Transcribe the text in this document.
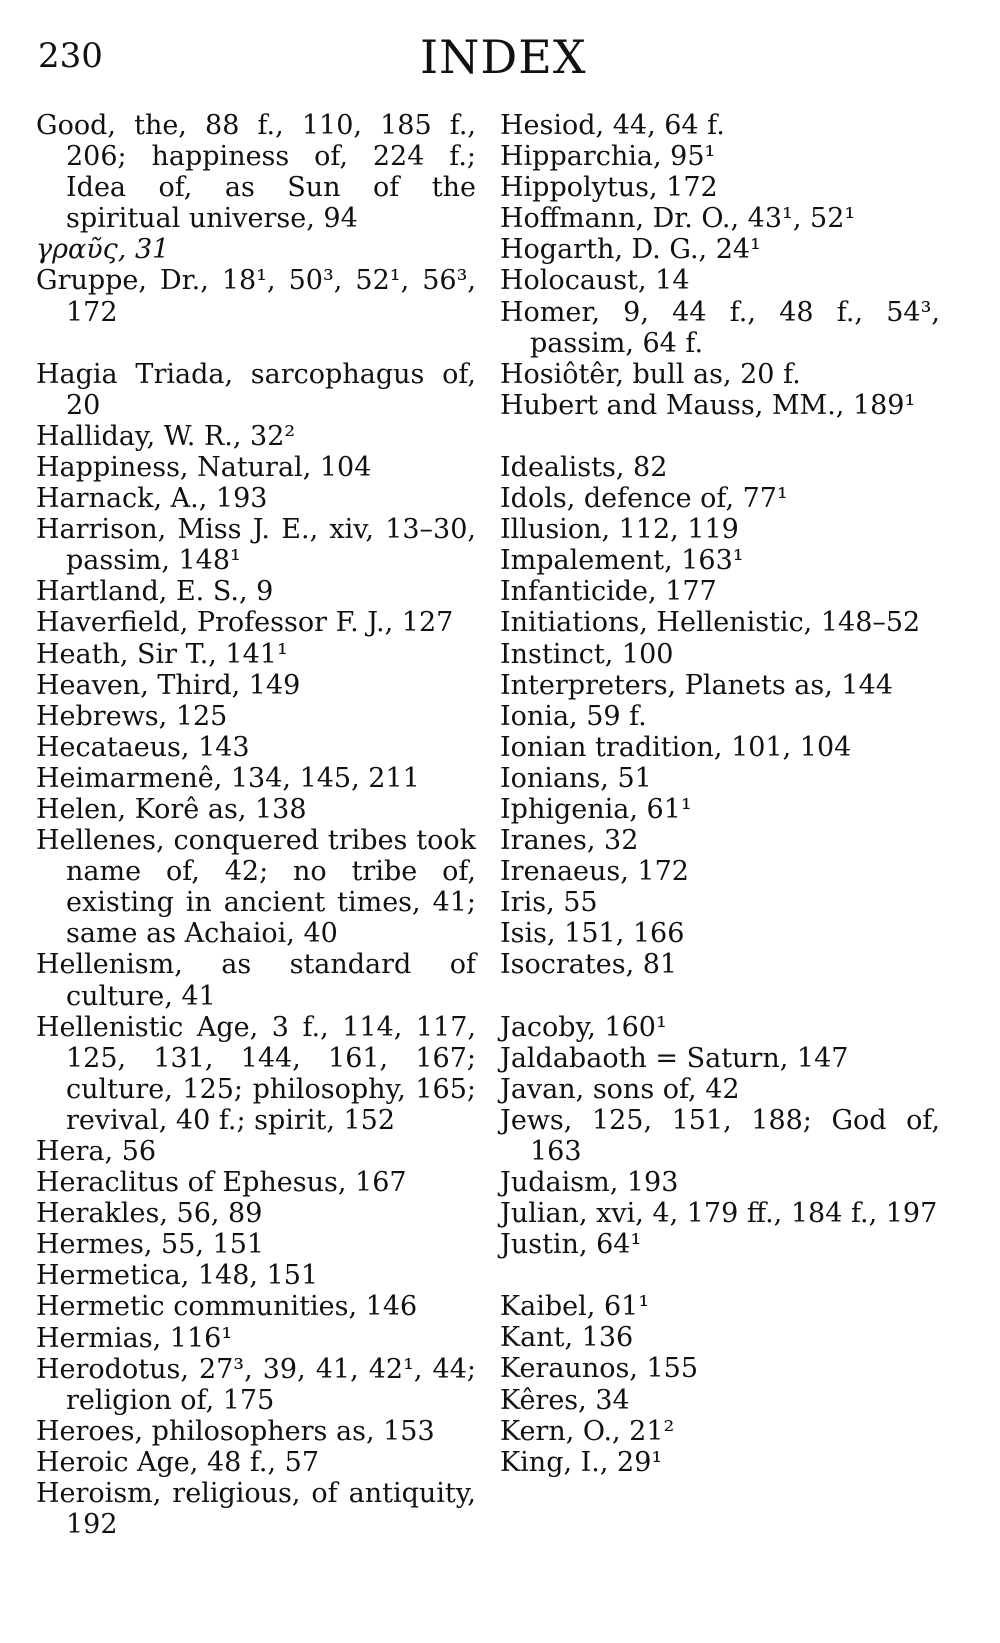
230	INDEX
Good, the, 88 f., 110, 185 f., 206; happiness of, 224 f.; Idea of, as Sun of the spiritual universe, 94
γραῦς, 31
Gruppe, Dr., 18¹, 50³, 52¹, 56³, 172
Hagia Triada, sarcophagus of, 20
Halliday, W. R., 32²
Happiness, Natural, 104
Harnack, A., 193
Harrison, Miss J. E., xiv, 13–30, passim, 148¹
Hartland, E. S., 9
Haverfield, Professor F. J., 127
Heath, Sir T., 141¹
Heaven, Third, 149
Hebrews, 125
Hecataeus, 143
Heimarmenê, 134, 145, 211
Helen, Korê as, 138
Hellenes, conquered tribes took name of, 42; no tribe of, existing in ancient times, 41; same as Achaioi, 40
Hellenism, as standard of culture, 41
Hellenistic Age, 3 f., 114, 117, 125, 131, 144, 161, 167; culture, 125; philosophy, 165; revival, 40 f.; spirit, 152
Hera, 56
Heraclitus of Ephesus, 167
Herakles, 56, 89
Hermes, 55, 151
Hermetica, 148, 151
Hermetic communities, 146
Hermias, 116¹
Herodotus, 27³, 39, 41, 42¹, 44; religion of, 175
Heroes, philosophers as, 153
Heroic Age, 48 f., 57
Heroism, religious, of antiquity, 192
Hesiod, 44, 64 f.
Hipparchia, 95¹
Hippolytus, 172
Hoffmann, Dr. O., 43¹, 52¹
Hogarth, D. G., 24¹
Holocaust, 14
Homer, 9, 44 f., 48 f., 54³, passim, 64 f.
Hosiôtêr, bull as, 20 f.
Hubert and Mauss, MM., 189¹
Idealists, 82
Idols, defence of, 77¹
Illusion, 112, 119
Impalement, 163¹
Infanticide, 177
Initiations, Hellenistic, 148–52
Instinct, 100
Interpreters, Planets as, 144
Ionia, 59 f.
Ionian tradition, 101, 104
Ionians, 51
Iphigenia, 61¹
Iranes, 32
Irenaeus, 172
Iris, 55
Isis, 151, 166
Isocrates, 81
Jacoby, 160¹
Jaldabaoth = Saturn, 147
Javan, sons of, 42
Jews, 125, 151, 188; God of, 163
Judaism, 193
Julian, xvi, 4, 179 ff., 184 f., 197
Justin, 64¹
Kaibel, 61¹
Kant, 136
Keraunos, 155
Kêres, 34
Kern, O., 21²
King, I., 29¹
